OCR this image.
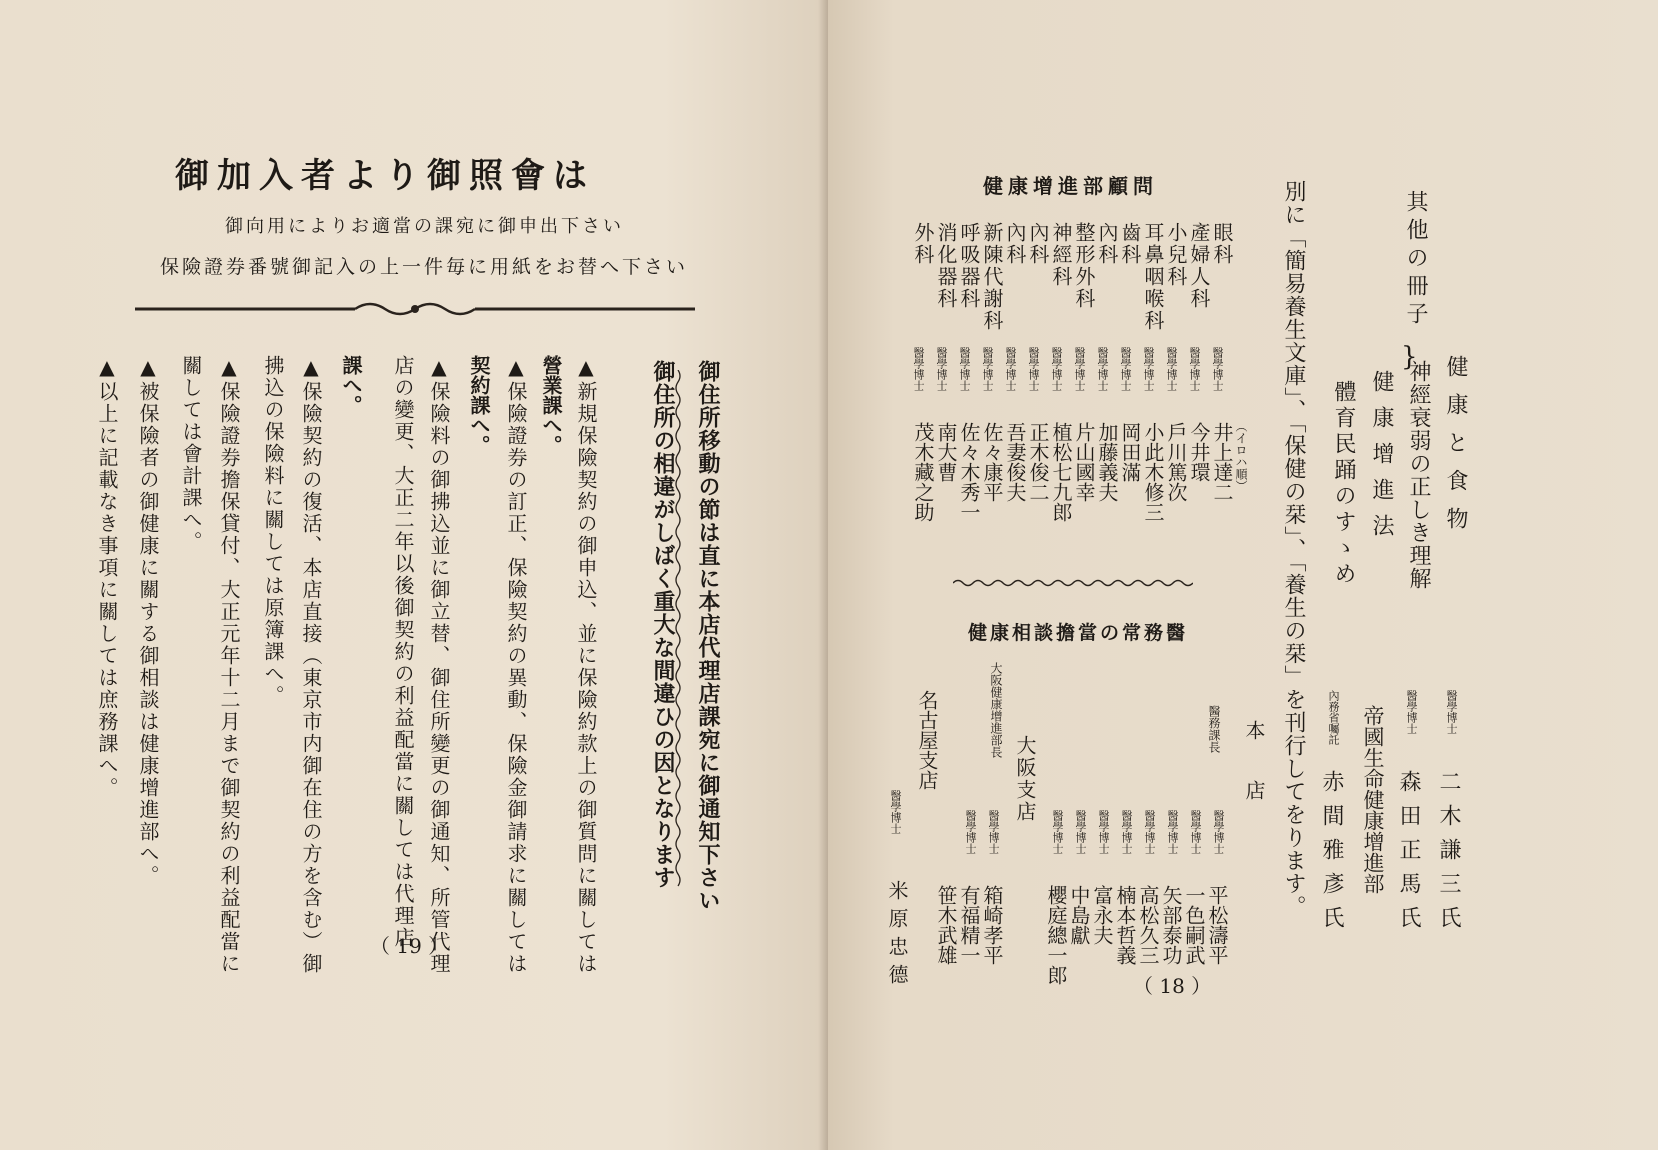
御加入者より御照會は
御向用によりお適當の課宛に御申出下さい
保險證券番號御記入の上一件毎に用紙をお替へ下さい
御住所移動の節は直に本店代理店課宛に御通知下さい
御住所の相違がしばく重大な間違ひの因となります
▲新規保險契約の御申込、並に保險約款上の御質問に關しては
營業課へ。
▲保險證券の訂正、保險契約の異動、保險金御請求に關しては
契約課へ。
▲保險料の御拂込並に御立替、御住所變更の御通知、所管代理
店の變更、大正二年以後御契約の利益配當に關しては代理店
課へ。
▲保險契約の復活、本店直接（東京市内御在住の方を含む）御
拂込の保險料に關しては原簿課へ。
▲保險證券擔保貸付、大正元年十二月まで御契約の利益配當に
關しては會計課へ。
▲被保險者の御健康に關する御相談は健康增進部へ。
▲以上に記載なき事項に關しては庶務課へ。
（ 19 ）
其他の冊子
} 健康と食物
神經衰弱の正しき理解
健康增進法
體育民踊のすゝめ
醫學博士
二木謙三氏
醫學博士
森田正馬氏
帝國生命健康增進部
內務省囑託
赤間雅彥氏
別に「簡易養生文庫」、「保健の栞」、「養生の栞」を刊行してをります。
健康增進部顧問
（イロハ順）
眼科
醫學博士
井上達二
產婦人科
醫學博士
今井環
小兒科
醫學博士
戶川篤次
耳鼻咽喉科
醫學博士
小此木修三
齒科
醫學博士
岡田滿
內科
醫學博士
加藤義夫
整形外科
醫學博士
片山國幸
神經科
醫學博士
植松七九郎
內科
醫學博士
正木俊二
內科
醫學博士
吾妻俊夫
新陳代謝科
醫學博士
佐々康平
呼吸器科
醫學博士
佐々木秀一
消化器科
醫學博士
南大曹
外科
醫學博士
茂木藏之助
健康相談擔當の常務醫
本店
醫務課長
醫學博士
平松濤平
醫學博士
一色嗣武
醫學博士
矢部泰功
醫學博士
高松久三
醫學博士
楠本哲義
醫學博士
富永夫
醫學博士
中島獻
醫學博士
櫻庭總一郎
大阪健康增進部長
大阪支店
醫學博士
箱崎孝平
醫學博士
有福精一
笹木武雄
名古屋支店
醫學博士
米原忠德	（ 18 ）
